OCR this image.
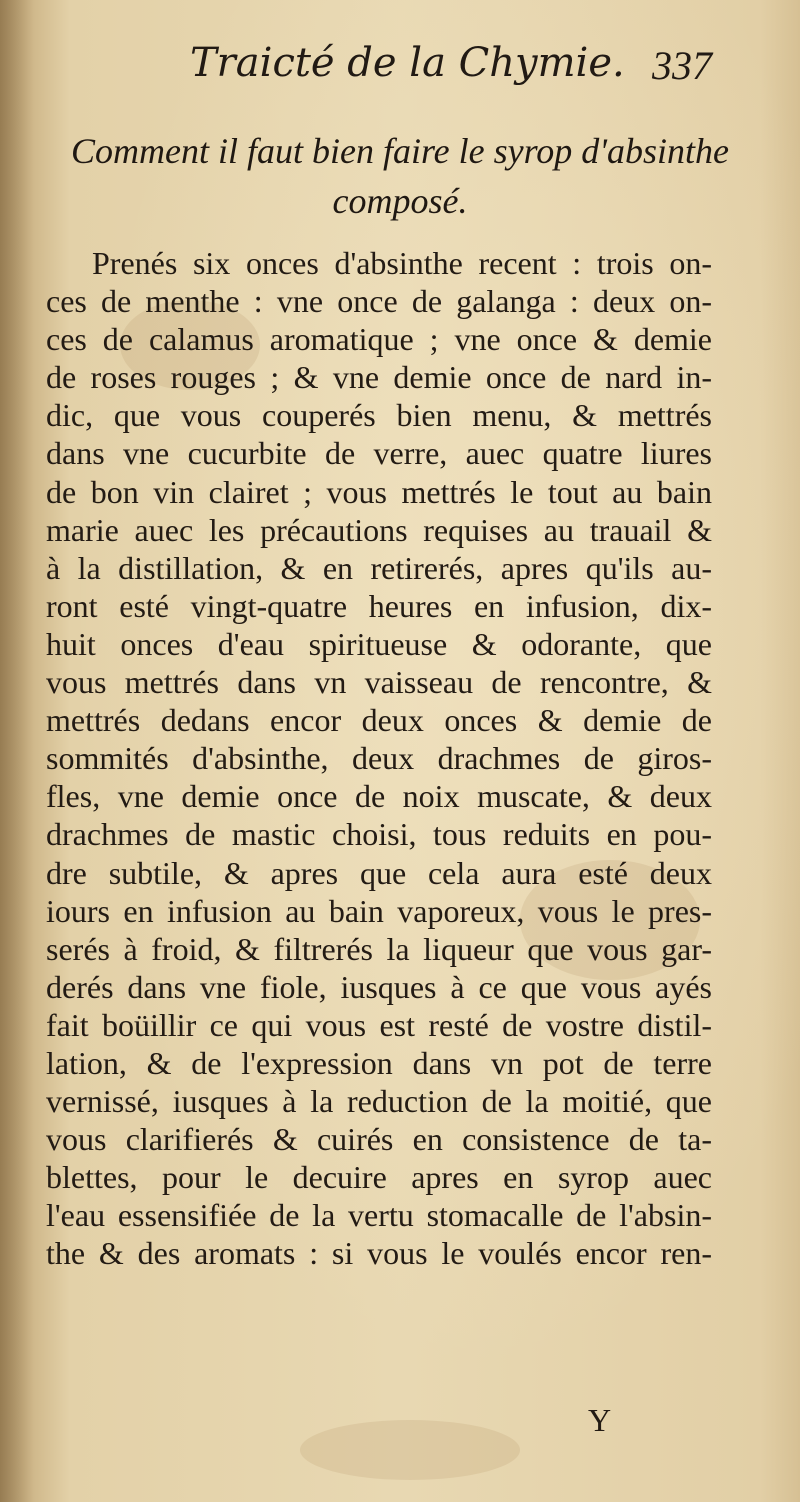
Traicté de la Chymie. 337
Comment il faut bien faire le syrop d'absinthe
composé.
Prenés six onces d'absinthe recent : trois on-
ces de menthe : vne once de galanga : deux on-
ces de calamus aromatique ; vne once & demie
de roses rouges ; & vne demie once de nard in-
dic, que vous couperés bien menu, & mettrés
dans vne cucurbite de verre, auec quatre liures
de bon vin clairet ; vous mettrés le tout au bain
marie auec les précautions requises au trauail &
à la distillation, & en retirerés, apres qu'ils au-
ront esté vingt-quatre heures en infusion, dix-
huit onces d'eau spiritueuse & odorante, que
vous mettrés dans vn vaisseau de rencontre, &
mettrés dedans encor deux onces & demie de
sommités d'absinthe, deux drachmes de giros-
fles, vne demie once de noix muscate, & deux
drachmes de mastic choisi, tous reduits en pou-
dre subtile, & apres que cela aura esté deux
iours en infusion au bain vaporeux, vous le pres-
serés à froid, & filtrerés la liqueur que vous gar-
derés dans vne fiole, iusques à ce que vous ayés
fait boüillir ce qui vous est resté de vostre distil-
lation, & de l'expression dans vn pot de terre
vernissé, iusques à la reduction de la moitié, que
vous clarifierés & cuirés en consistence de ta-
blettes, pour le decuire apres en syrop auec
l'eau essensifiée de la vertu stomacalle de l'absin-
the & des aromats : si vous le voulés encor ren-
Y
